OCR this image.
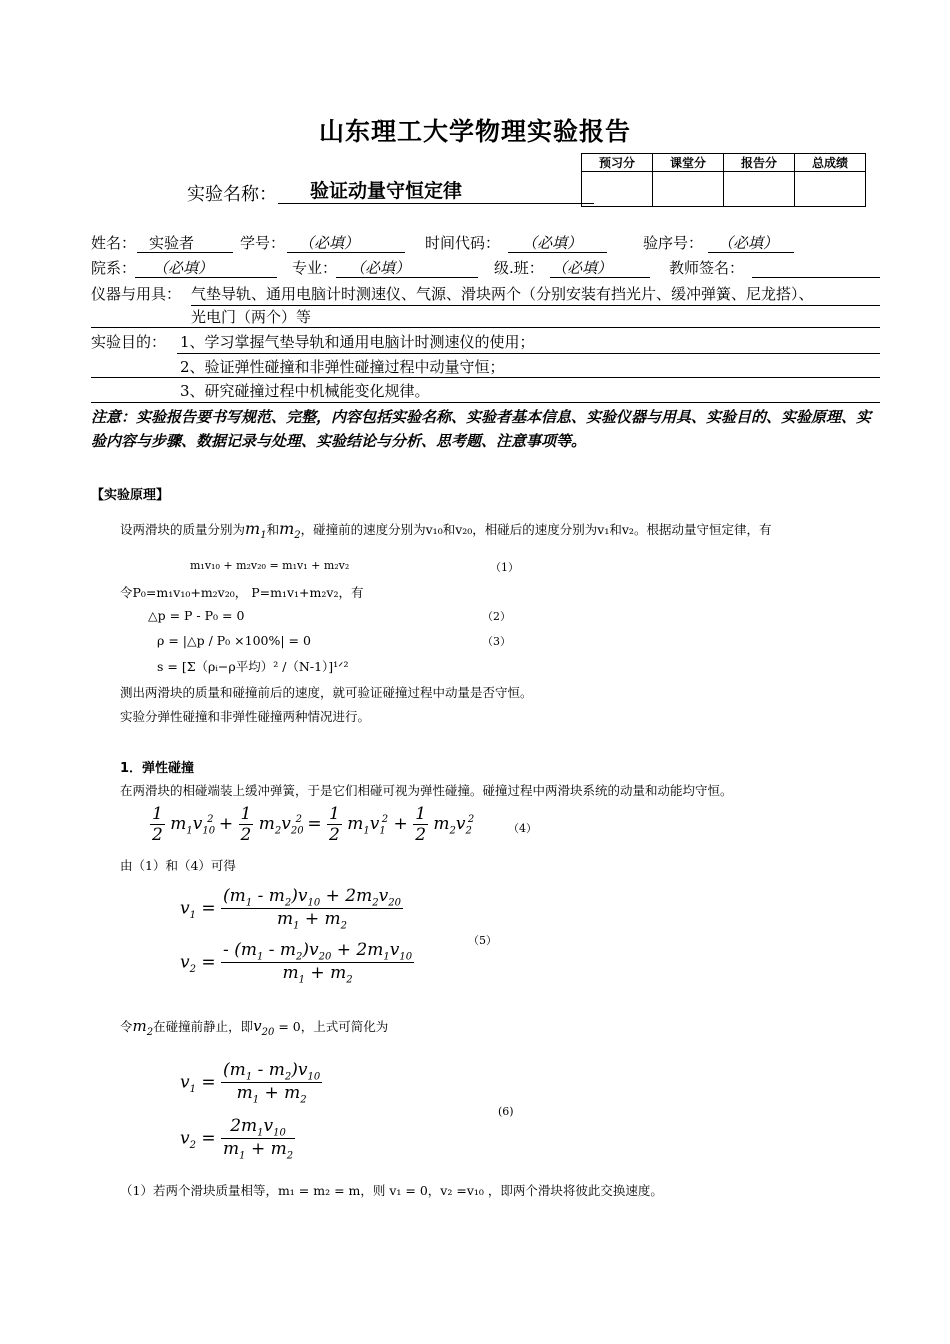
山东理工大学物理实验报告
预习分	课堂分	报告分	总成绩

实验名称：	验证动量守恒定律
姓名： 实验者	学号： （必填）	时间代码：	（必填）	验序号： （必填）
院系：	（必填）	专业： （必填）	级.班： （必填）	教师签名：
仪器与用具： 气垫导轨、通用电脑计时测速仪、气源、滑块两个（分别安装有挡光片、缓冲弹簧、尼龙搭）、
光电门（两个）等
实验目的： 1、学习掌握气垫导轨和通用电脑计时测速仪的使用；
2、验证弹性碰撞和非弹性碰撞过程中动量守恒；
3、研究碰撞过程中机械能变化规律。
注意：实验报告要书写规范、完整，内容包括实验名称、实验者基本信息、实验仪器与用具、实验目的、实验原理、实验内容与步骤、数据记录与处理、实验结论与分析、思考题、注意事项等。
【实验原理】
设两滑块的质量分别为$m_1$和$m_2$，碰撞前的速度分别为v₁₀和v₂₀，相碰后的速度分别为v₁和v₂。根据动量守恒定律，有
m₁v₁₀ + m₂v₂₀ = m₁v₁ + m₂v₂	（1）
令P₀=m₁v₁₀+m₂v₂₀， P=m₁v₁+m₂v₂，有
△p = P - P₀ = 0	（2）
ρ = |△p / P₀ ×100%| = 0	（3）
s = [Σ（ρᵢ−ρ平均）² /（N-1）]¹ᐟ²
测出两滑块的质量和碰撞前后的速度，就可验证碰撞过程中动量是否守恒。
实验分弹性碰撞和非弹性碰撞两种情况进行。
1．弹性碰撞
在两滑块的相碰端装上缓冲弹簧，于是它们相碰可视为弹性碰撞。碰撞过程中两滑块系统的动量和动能均守恒。
$\frac{1}{2} m_1v_{10}^2 + \frac{1}{2} m_2v_{20}^2 = \frac{1}{2} m_1v_1^2 + \frac{1}{2} m_2v_2^2$
（4）
由（1）和（4）可得
$v_1 = \frac{(m_1 - m_2)v_{10} + 2m_2v_{20}}{m_1 + m_2}$
$v_2 = \frac{- (m_1 - m_2)v_{20} + 2m_1v_{10}}{m_1 + m_2}$	（5）
令$m_2$在碰撞前静止，即$v_{20} = 0$，上式可简化为
$v_1 = \frac{(m_1 - m_2)v_{10}}{m_1 + m_2}$
$v_2 = \frac{2m_1v_{10}}{m_1 + m_2}$
(6)
（1）若两个滑块质量相等，m₁ = m₂ = m，则 v₁ = 0，v₂ =v₁₀ ，即两个滑块将彼此交换速度。
